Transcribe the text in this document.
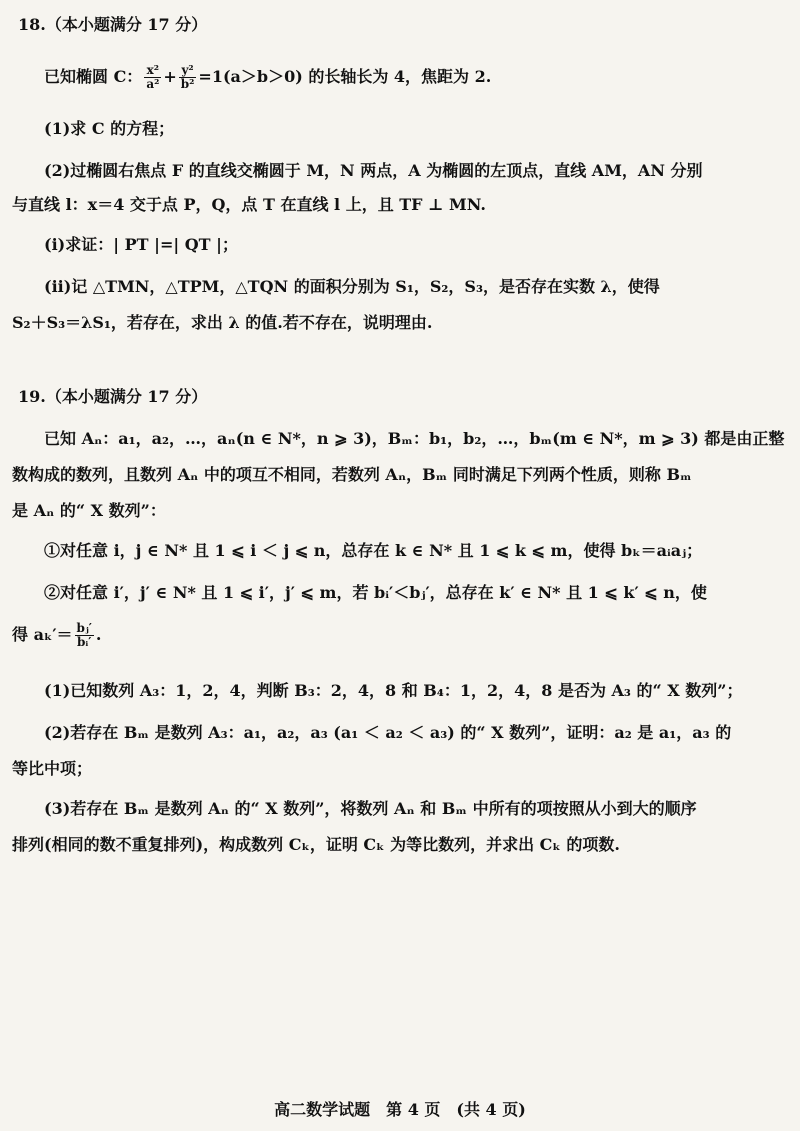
18.（本小题满分 17 分）
已知椭圆 C： $\frac{\text{x²}}{\text{a²}} + \frac{\text{y²}}{\text{b²}} =1(a>b>0)$ 的长轴长为 4，焦距为 2.
(1)求 C 的方程；
(2)过椭圆右焦点 F 的直线交椭圆于 M，N 两点，A 为椭圆的左顶点，直线 AM，AN 分别
与直线 l：x＝4 交于点 P，Q，点 T 在直线 l 上，且 TF ⊥ MN.
(i)求证：| PT |=| QT |；
(ii)记 △TMN，△TPM，△TQN 的面积分别为 S₁，S₂，S₃，是否存在实数 λ，使得
S₂＋S₃＝λS₁，若存在，求出 λ 的值.若不存在，说明理由.
19.（本小题满分 17 分）
已知 Aₙ：a₁，a₂，…，aₙ(n ∈ N*，n ⩾ 3)，Bₘ：b₁，b₂，…，bₘ(m ∈ N*，m ⩾ 3) 都是由正整
数构成的数列，且数列 Aₙ 中的项互不相同，若数列 Aₙ，Bₘ 同时满足下列两个性质，则称 Bₘ
是 Aₙ 的“ X 数列”：
①对任意 i，j ∈ N* 且 1 ⩽ i ＜ j ⩽ n，总存在 k ∈ N* 且 1 ⩽ k ⩽ m，使得 bₖ＝aᵢaⱼ；
②对任意 i′，j′ ∈ N* 且 1 ⩽ i′，j′ ⩽ m，若 bᵢ′＜bⱼ′，总存在 k′ ∈ N* 且 1 ⩽ k′ ⩽ n，使
得 $a_k'= \frac{\text{bⱼ′}}{\text{bᵢ′}}$ .
(1)已知数列 A₃：1，2，4，判断 B₃：2，4，8 和 B₄：1，2，4，8 是否为 A₃ 的“ X 数列”；
(2)若存在 Bₘ 是数列 A₃：a₁，a₂，a₃ (a₁ ＜ a₂ ＜ a₃) 的“ X 数列”，证明：a₂ 是 a₁，a₃ 的
等比中项；
(3)若存在 Bₘ 是数列 Aₙ 的“ X 数列”，将数列 Aₙ 和 Bₘ 中所有的项按照从小到大的顺序
排列(相同的数不重复排列)，构成数列 Cₖ，证明 Cₖ 为等比数列，并求出 Cₖ 的项数.
高二数学试题　第 4 页　(共 4 页)
